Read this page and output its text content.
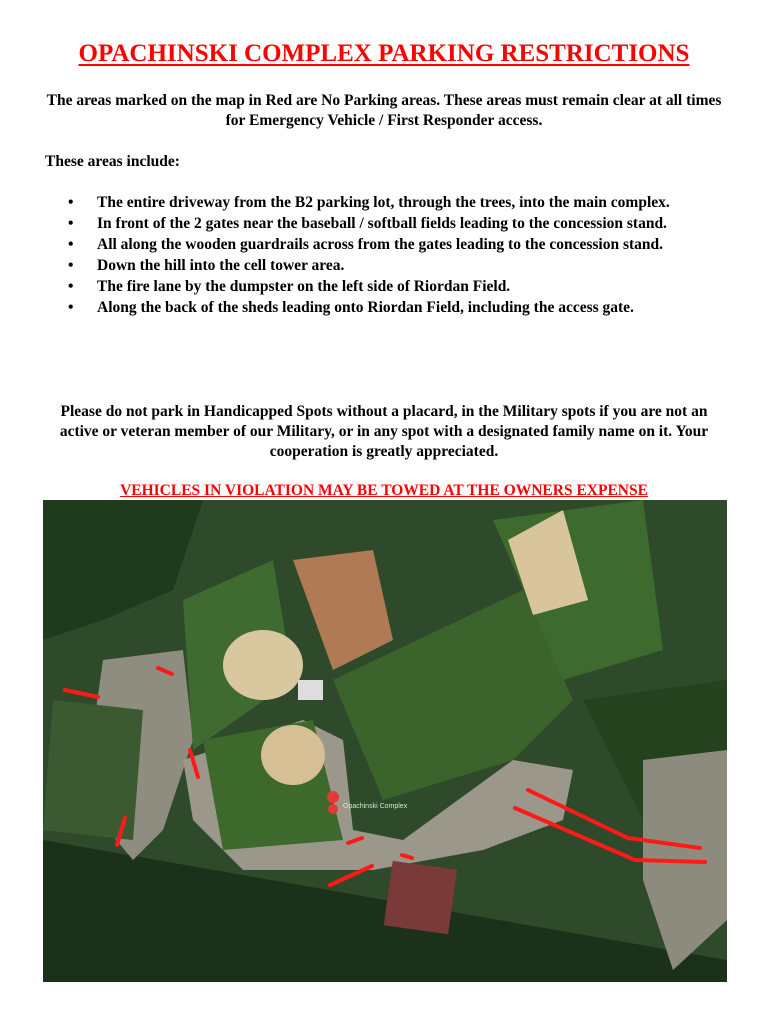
OPACHINSKI COMPLEX PARKING RESTRICTIONS
The areas marked on the map in Red are No Parking areas. These areas must remain clear at all times for Emergency Vehicle / First Responder access.
These areas include:
• The entire driveway from the B2 parking lot, through the trees, into the main complex.
• In front of the 2 gates near the baseball / softball fields leading to the concession stand.
• All along the wooden guardrails across from the gates leading to the concession stand.
• Down the hill into the cell tower area.
• The fire lane by the dumpster on the left side of Riordan Field.
• Along the back of the sheds leading onto Riordan Field, including the access gate.
Please do not park in Handicapped Spots without a placard, in the Military spots if you are not an active or veteran member of our Military, or in any spot with a designated family name on it. Your cooperation is greatly appreciated.
VEHICLES IN VIOLATION MAY BE TOWED AT THE OWNERS EXPENSE
Opachinski Complex
